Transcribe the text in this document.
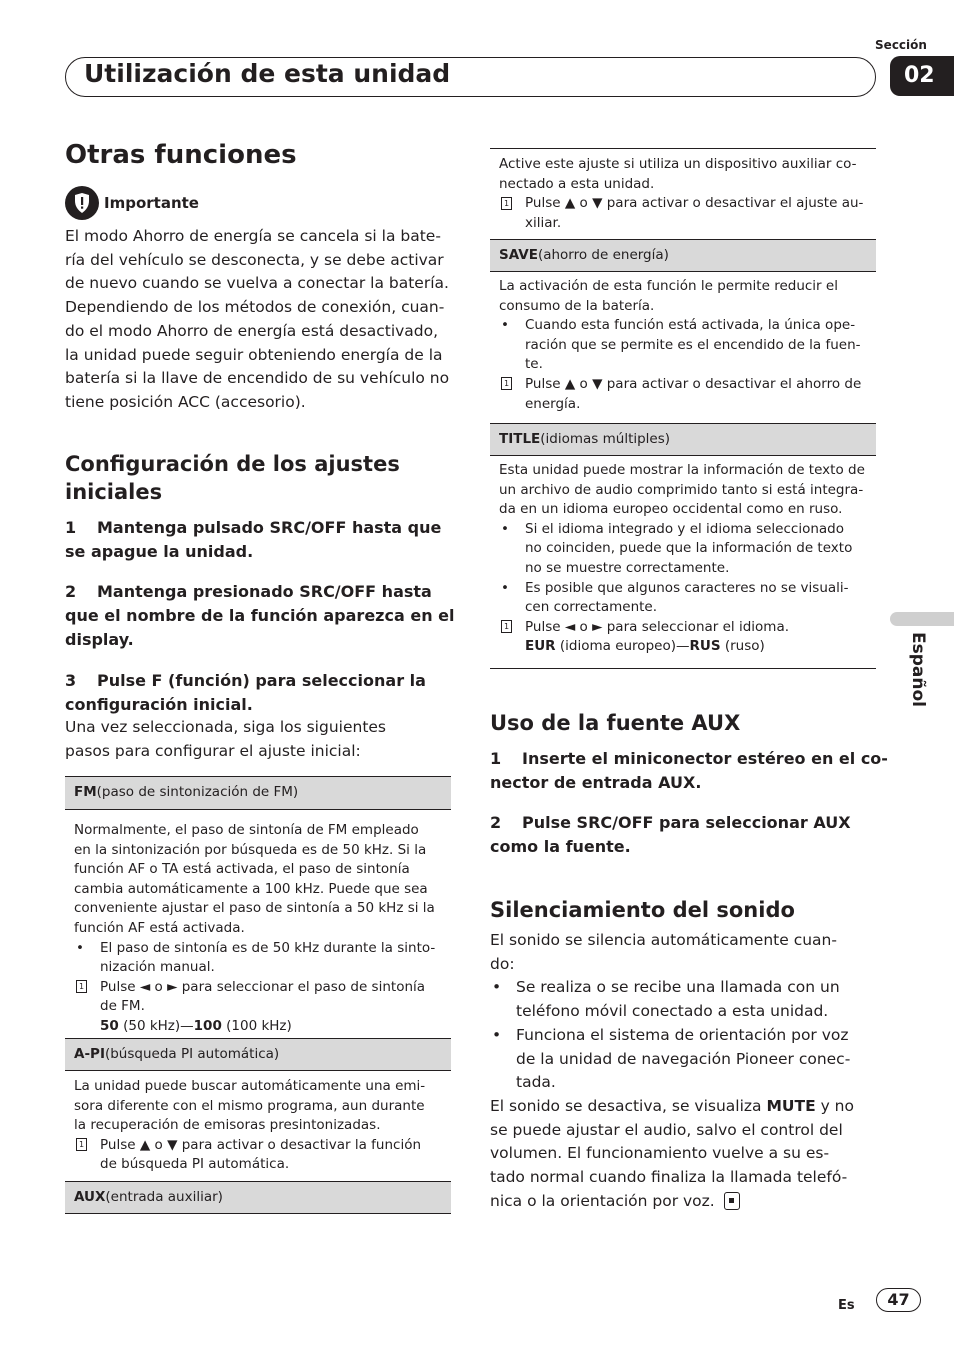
Sección
02
Utilización de esta unidad
Otras funciones
Importante
El modo Ahorro de energía se cancela si la bate-
ría del vehículo se desconecta, y se debe activar
de nuevo cuando se vuelva a conectar la batería.
Dependiendo de los métodos de conexión, cuan-
do el modo Ahorro de energía está desactivado,
la unidad puede seguir obteniendo energía de la
batería si la llave de encendido de su vehículo no
tiene posición ACC (accesorio).
Configuración de los ajustes
iniciales
1 Mantenga pulsado SRC/OFF hasta que
se apague la unidad.
2 Mantenga presionado SRC/OFF hasta
que el nombre de la función aparezca en el
display.
3 Pulse F (función) para seleccionar la
configuración inicial.
Una vez seleccionada, siga los siguientes
pasos para configurar el ajuste inicial:
FM (paso de sintonización de FM)
Normalmente, el paso de sintonía de FM empleado
en la sintonización por búsqueda es de 50 kHz. Si la
función AF o TA está activada, el paso de sintonía
cambia automáticamente a 100 kHz. Puede que sea
conveniente ajustar el paso de sintonía a 50 kHz si la
función AF está activada.
• El paso de sintonía es de 50 kHz durante la sinto-
nización manual.
1 Pulse ◄ o ► para seleccionar el paso de sintonía
de FM.
50 (50 kHz)—100 (100 kHz)
A-PI (búsqueda PI automática)
La unidad puede buscar automáticamente una emi-
sora diferente con el mismo programa, aun durante
la recuperación de emisoras presintonizadas.
1 Pulse ▲ o ▼ para activar o desactivar la función
de búsqueda PI automática.
AUX (entrada auxiliar)
Active este ajuste si utiliza un dispositivo auxiliar co-
nectado a esta unidad.
1 Pulse ▲ o ▼ para activar o desactivar el ajuste au-
xiliar.
SAVE (ahorro de energía)
La activación de esta función le permite reducir el
consumo de la batería.
• Cuando esta función está activada, la única ope-
ración que se permite es el encendido de la fuen-
te.
1 Pulse ▲ o ▼ para activar o desactivar el ahorro de
energía.
TITLE (idiomas múltiples)
Esta unidad puede mostrar la información de texto de
un archivo de audio comprimido tanto si está integra-
da en un idioma europeo occidental como en ruso.
• Si el idioma integrado y el idioma seleccionado
no coinciden, puede que la información de texto
no se muestre correctamente.
• Es posible que algunos caracteres no se visuali-
cen correctamente.
1 Pulse ◄ o ► para seleccionar el idioma.
EUR (idioma europeo)—RUS (ruso)
Uso de la fuente AUX
1 Inserte el miniconector estéreo en el co-
nector de entrada AUX.
2 Pulse SRC/OFF para seleccionar AUX
como la fuente.
Silenciamiento del sonido
El sonido se silencia automáticamente cuan-
do:
• Se realiza o se recibe una llamada con un
teléfono móvil conectado a esta unidad.
• Funciona el sistema de orientación por voz
de la unidad de navegación Pioneer conec-
tada.
El sonido se desactiva, se visualiza MUTE y no
se puede ajustar el audio, salvo el control del
volumen. El funcionamiento vuelve a su es-
tado normal cuando finaliza la llamada telefó-
nica o la orientación por voz.
Español
Es	47
